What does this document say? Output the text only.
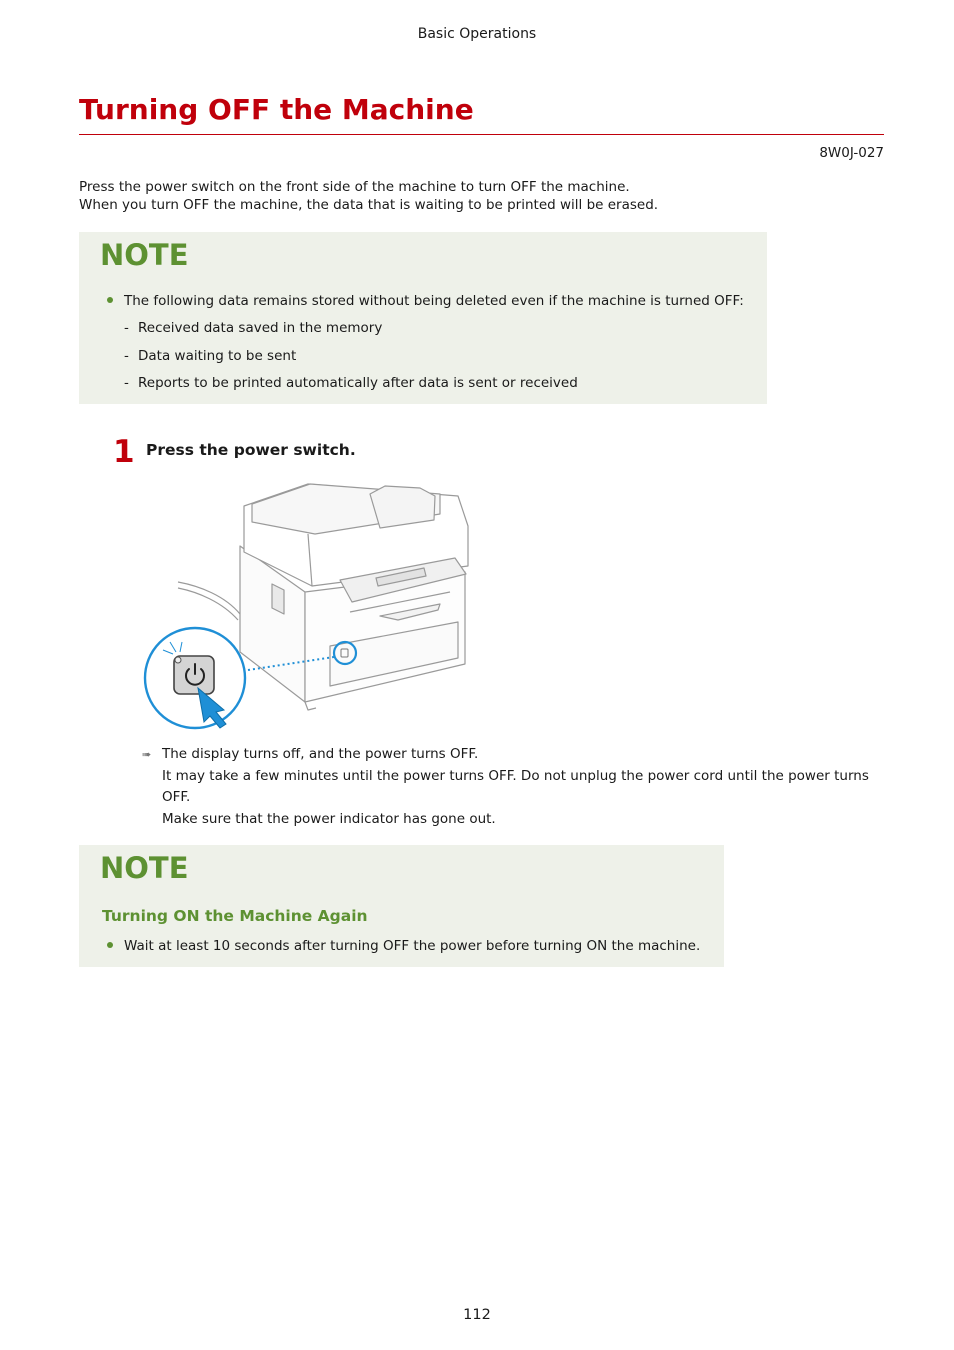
Basic Operations
Turning OFF the Machine
8W0J-027

Press the power switch on the front side of the machine to turn OFF the machine.

When you turn OFF the machine, the data that is waiting to be printed will be erased.

NOTE
The following data remains stored without being deleted even if the machine is turned OFF:
- Received data saved in the memory
- Data waiting to be sent
- Reports to be printed automatically after data is sent or received
1 Press the power switch.
➠ The display turns off, and the power turns OFF.
It may take a few minutes until the power turns OFF. Do not unplug the power cord until the power turns OFF.
Make sure that the power indicator has gone out.
NOTE
Turning ON the Machine Again
Wait at least 10 seconds after turning OFF the power before turning ON the machine.
112
